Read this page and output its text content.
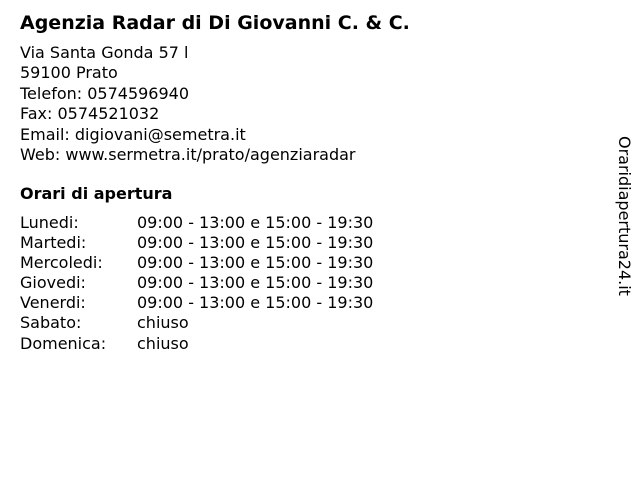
Agenzia Radar di Di Giovanni C. & C.
Via Santa Gonda 57 l
59100 Prato
Telefon: 0574596940
Fax: 0574521032
Email: digiovani@semetra.it
Web: www.sermetra.it/prato/agenziaradar
Orari di apertura
Lunedi:	09:00 - 13:00 e 15:00 - 19:30
Martedi:	09:00 - 13:00 e 15:00 - 19:30
Mercoledi:	09:00 - 13:00 e 15:00 - 19:30
Giovedi:	09:00 - 13:00 e 15:00 - 19:30
Venerdi:	09:00 - 13:00 e 15:00 - 19:30
Sabato:	chiuso
Domenica:	chiuso
Oraridiapertura24.it
